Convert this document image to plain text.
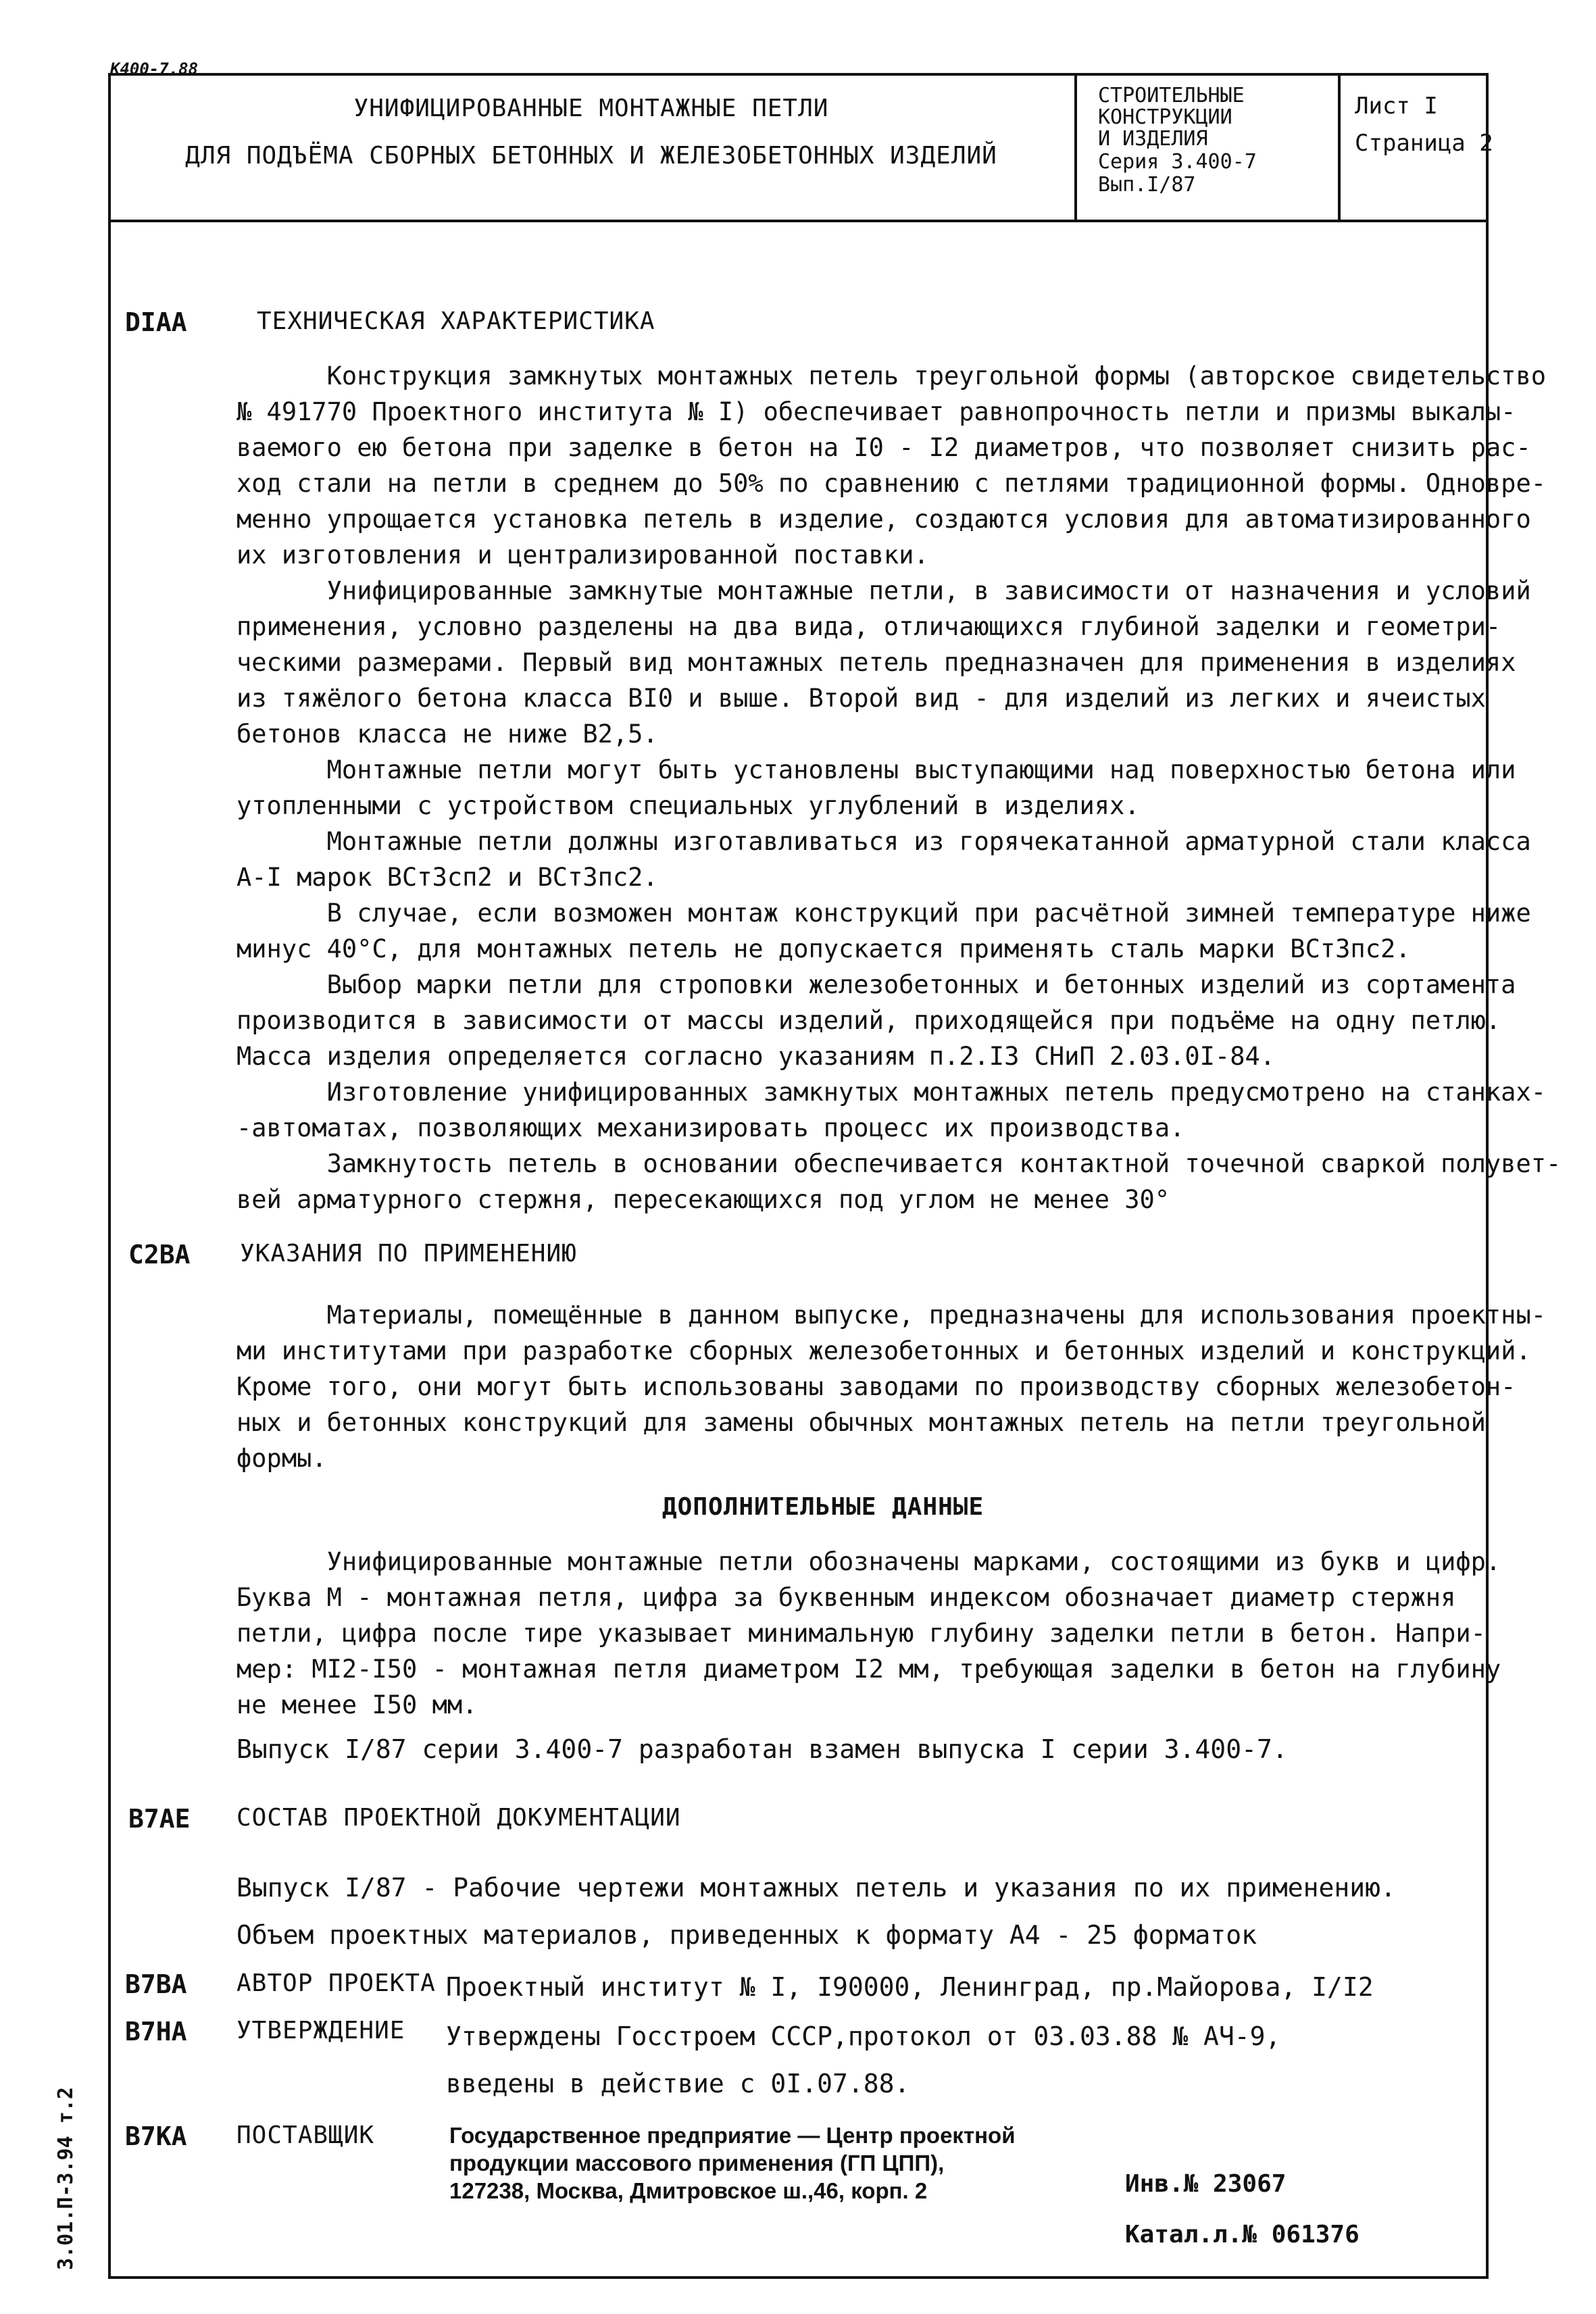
К400-7.88
3.01.П-3.94 т.2
УНИФИЦИРОВАННЫЕ МОНТАЖНЫЕ ПЕТЛИ
ДЛЯ ПОДЪЁМА СБОРНЫХ БЕТОННЫХ И ЖЕЛЕЗОБЕТОННЫХ ИЗДЕЛИЙ
СТРОИТЕЛЬНЫЕ
КОНСТРУКЦИИ
И ИЗДЕЛИЯ
Серия 3.400-7
Вып.I/87
Лист I
Страница 2
DIAA	ТЕХНИЧЕСКАЯ ХАРАКТЕРИСТИКА
Конструкция замкнутых монтажных петель треугольной формы (авторское свидетельство
№ 491770 Проектного института № I) обеспечивает равнопрочность петли и призмы выкалы-
ваемого ею бетона при заделке в бетон на I0 - I2 диаметров, что позволяет снизить рас-
ход стали на петли в среднем до 50% по сравнению с петлями традиционной формы. Одновре-
менно упрощается установка петель в изделие, создаются условия для автоматизированного
их изготовления и централизированной поставки.
Унифицированные замкнутые монтажные петли, в зависимости от назначения и условий
применения, условно разделены на два вида, отличающихся глубиной заделки и геометри-
ческими размерами. Первый вид монтажных петель предназначен для применения в изделиях
из тяжёлого бетона класса BI0 и выше. Второй вид - для изделий из легких и ячеистых
бетонов класса не ниже B2,5.
Монтажные петли могут быть установлены выступающими над поверхностью бетона или
утопленными с устройством специальных углублений в изделиях.
Монтажные петли должны изготавливаться из горячекатанной арматурной стали класса
А-I марок ВСт3сп2 и ВСт3пс2.
В случае, если возможен монтаж конструкций при расчётной зимней температуре ниже
минус 40°С, для монтажных петель не допускается применять сталь марки ВСт3пс2.
Выбор марки петли для строповки железобетонных и бетонных изделий из сортамента
производится в зависимости от массы изделий, приходящейся при подъёме на одну петлю.
Масса изделия определяется согласно указаниям п.2.I3 СНиП 2.03.0I-84.
Изготовление унифицированных замкнутых монтажных петель предусмотрено на станках-
-автоматах, позволяющих механизировать процесс их производства.
Замкнутость петель в основании обеспечивается контактной точечной сваркой полувет-
вей арматурного стержня, пересекающихся под углом не менее 30°
C2BA УКАЗАНИЯ ПО ПРИМЕНЕНИЮ
Материалы, помещённые в данном выпуске, предназначены для использования проектны-
ми институтами при разработке сборных железобетонных и бетонных изделий и конструкций.
Кроме того, они могут быть использованы заводами по производству сборных железобетон-
ных и бетонных конструкций для замены обычных монтажных петель на петли треугольной
формы.
ДОПОЛНИТЕЛЬНЫЕ ДАННЫЕ
Унифицированные монтажные петли обозначены марками, состоящими из букв и цифр.
Буква М - монтажная петля, цифра за буквенным индексом обозначает диаметр стержня
петли, цифра после тире указывает минимальную глубину заделки петли в бетон. Напри-
мер: МI2-I50 - монтажная петля диаметром I2 мм, требующая заделки в бетон на глубину
не менее I50 мм.
Выпуск I/87 серии 3.400-7 разработан взамен выпуска I серии 3.400-7.
B7AE СОСТАВ ПРОЕКТНОЙ ДОКУМЕНТАЦИИ
Выпуск I/87 - Рабочие чертежи монтажных петель и указания по их применению.
Объем проектных материалов, приведенных к формату А4 - 25 форматок
B7BA АВТОР ПРОЕКТА Проектный институт № I, I90000, Ленинград, пр.Майорова, I/I2
B7HA УТВЕРЖДЕНИЕ Утверждены Госстроем СССР,протокол от 03.03.88 № АЧ-9,
введены в действие с 0I.07.88.
B7KA ПОСТАВЩИК	Государственное предприятие — Центр проектной
продукции массового применения (ГП ЦПП),
127238, Москва, Дмитровское ш.,46, корп. 2	Инв.№ 23067
Катал.л.№ 061376
